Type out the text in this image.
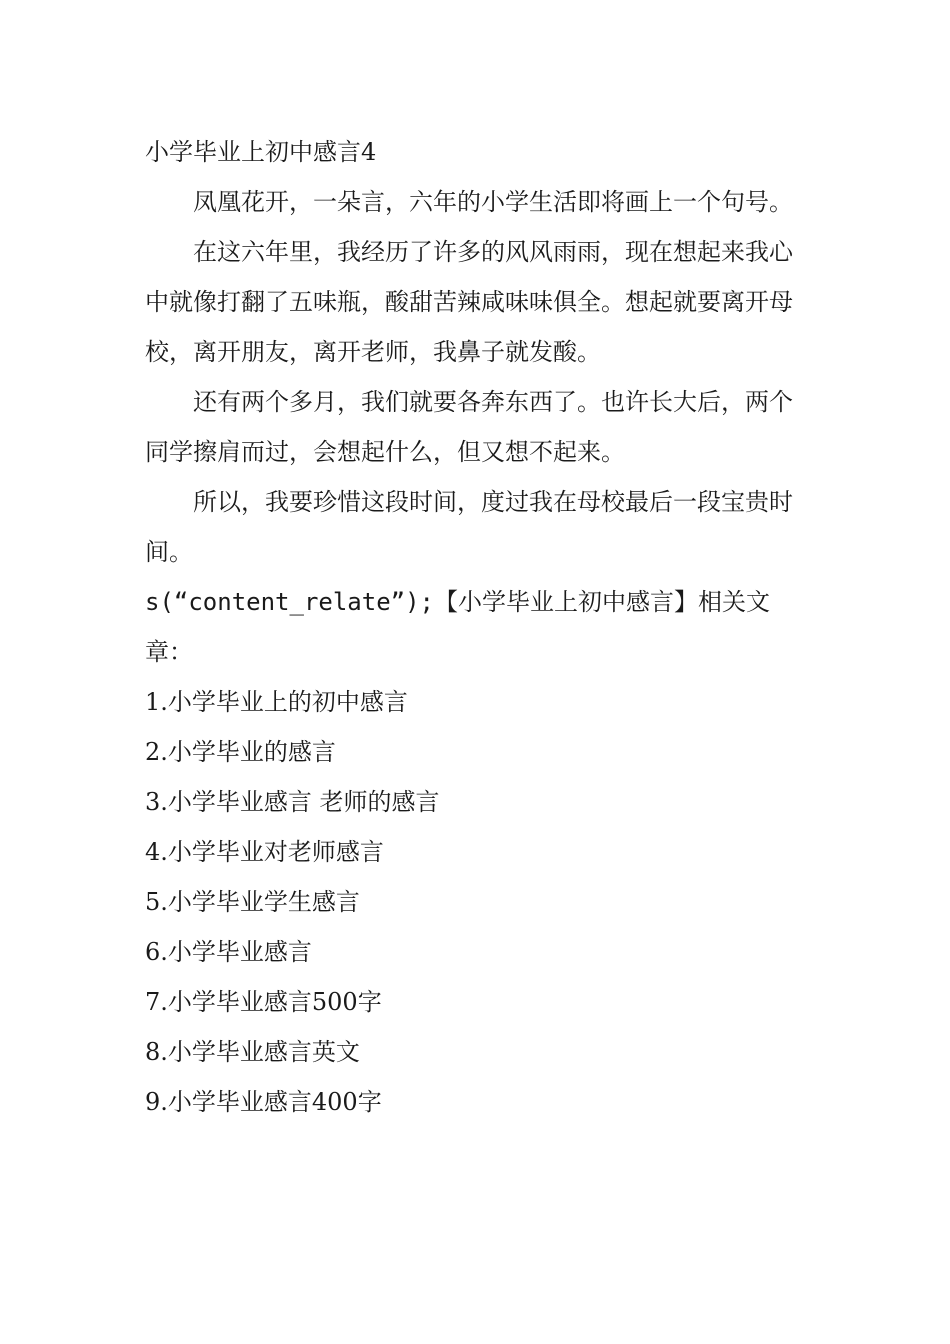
小学毕业上初中感言4

凤凰花开，一朵言，六年的小学生活即将画上一个句号。

在这六年里，我经历了许多的风风雨雨，现在想起来我心中就像打翻了五味瓶，酸甜苦辣咸味味俱全。想起就要离开母校，离开朋友，离开老师，我鼻子就发酸。

还有两个多月，我们就要各奔东西了。也许长大后，两个同学擦肩而过，会想起什么，但又想不起来。

所以，我要珍惜这段时间，度过我在母校最后一段宝贵时间。

s(“content_relate”);【小学毕业上初中感言】相关文章：

1.小学毕业上的初中感言
2.小学毕业的感言
3.小学毕业感言 老师的感言
4.小学毕业对老师感言
5.小学毕业学生感言
6.小学毕业感言
7.小学毕业感言500字
8.小学毕业感言英文
9.小学毕业感言400字
